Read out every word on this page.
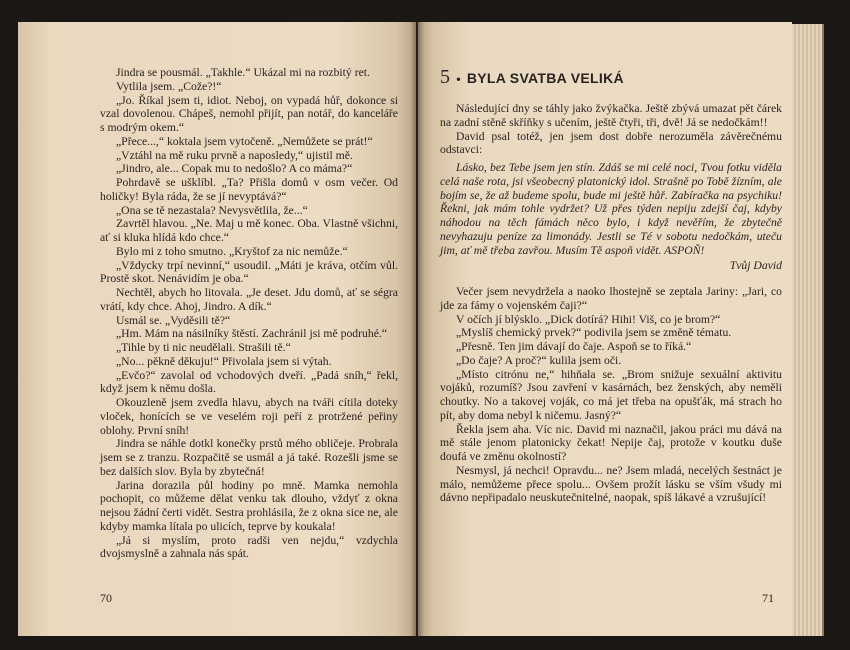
Jindra se pousmál. „Takhle.“ Ukázal mi na rozbitý ret.

Vytlila jsem. „Cože?!“

„Jo. Říkal jsem ti, idiot. Neboj, on vypadá hůř, dokonce si vzal dovolenou. Chápeš, nemohl přijít, pan notář, do kanceláře s modrým okem.“

„Přece...,“ koktala jsem vytočeně. „Nemůžete se prát!“

„Vztáhl na mě ruku prvně a naposledy,“ ujistil mě.

„Jindro, ale... Copak mu to nedošlo? A co máma?“

Pohrdavě se ušklíbl. „Ta? Přišla domů v osm večer. Od holičky! Byla ráda, že se jí nevyptává?“

„Ona se tě nezastala? Nevysvětlila, že...“

Zavrtěl hlavou. „Ne. Maj u mě konec. Oba. Vlastně všichni, ať si kluka hlídá kdo chce.“

Bylo mi z toho smutno. „Kryštof za nic nemůže.“

„Vždycky trpí nevinní,“ usoudil. „Máti je kráva, otčím vůl. Prostě skot. Nenávidím je oba.“

Nechtěl, abych ho litovala. „Je deset. Jdu domů, ať se ségra vrátí, kdy chce. Ahoj, Jindro. A dík.“

Usmál se. „Vyděsili tě?“

„Hm. Mám na násilníky štěstí. Zachránil jsi mě podruhé.“

„Tihle by ti nic neudělali. Strašili tě.“

„No... pěkně děkuju!“ Přivolala jsem si výtah.

„Evčo?“ zavolal od vchodových dveří. „Padá sníh,“ řekl, když jsem k němu došla.

Okouzleně jsem zvedla hlavu, abych na tváři cítila doteky vloček, honících se ve veselém roji peří z protržené peřiny oblohy. První sníh!

Jindra se náhle dotkl konečky prstů mého obličeje. Probrala jsem se z tranzu. Rozpačitě se usmál a já také. Rozešli jsme se bez dalších slov. Byla by zbytečná!

Jarina dorazila půl hodiny po mně. Mamka nemohla pochopit, co můžeme dělat venku tak dlouho, vždyť z okna nejsou žádní čerti vidět. Sestra prohlásila, že z okna sice ne, ale kdyby mamka lítala po ulicích, teprve by koukala!

„Já si myslím, proto radši ven nejdu,“ vzdychla dvojsmyslně a zahnala nás spát.

70
5 • BYLA SVATBA VELIKÁ

Následující dny se táhly jako žvýkačka. Ještě zbývá umazat pět čárek na zadní stěně skříňky s učením, ještě čtyři, tři, dvě! Já se nedočkám!!

David psal totéž, jen jsem dost dobře nerozuměla závěrečnému odstavci:

Lásko, bez Tebe jsem jen stín. Zdáš se mi celé noci, Tvou fotku viděla celá naše rota, jsi všeobecný platonický idol. Strašně po Tobě žízním, ale bojím se, že až budeme spolu, bude mi ještě hůř. Zabíračka na psychiku! Řekni, jak mám tohle vydržet? Už přes týden nepiju zdejší čaj, kdyby náhodou na těch fámách něco bylo, i když nevěřím, že zbytečně nevyhazuju peníze za limonády. Jestli se Té v sobotu nedočkám, uteču jim, ať mě třeba zavřou. Musím Tě aspoň vidět. ASPOŇ!

Tvůj David

Večer jsem nevydržela a naoko lhostejně se zeptala Jariny: „Jari, co jde za fámy o vojenském čaji?“

V očích jí blýsklo. „Dick dotírá? Hihi! Viš, co je brom?“

„Myslíš chemický prvek?“ podivila jsem se změně tématu.

„Přesně. Ten jim dávají do čaje. Aspoň se to říká.“

„Do čaje? A proč?“ kulila jsem oči.

„Místo citrónu ne,“ hihňala se. „Brom snižuje sexuální aktivitu vojáků, rozumíš? Jsou zavření v kasárnách, bez ženských, aby neměli choutky. No a takovej voják, co má jet třeba na opušťák, má strach ho pít, aby doma nebyl k ničemu. Jasný?“

Řekla jsem aha. Víc nic. David mi naznačil, jakou práci mu dává na mě stále jenom platonicky čekat! Nepije čaj, protože v koutku duše doufá ve změnu okolností?

Nesmysl, já nechci! Opravdu... ne? Jsem mladá, necelých šestnáct je málo, nemůžeme přece spolu... Ovšem prožít lásku se vším všudy mi dávno nepřipadalo neuskutečnitelné, naopak, spíš lákavé a vzrušující!

71
